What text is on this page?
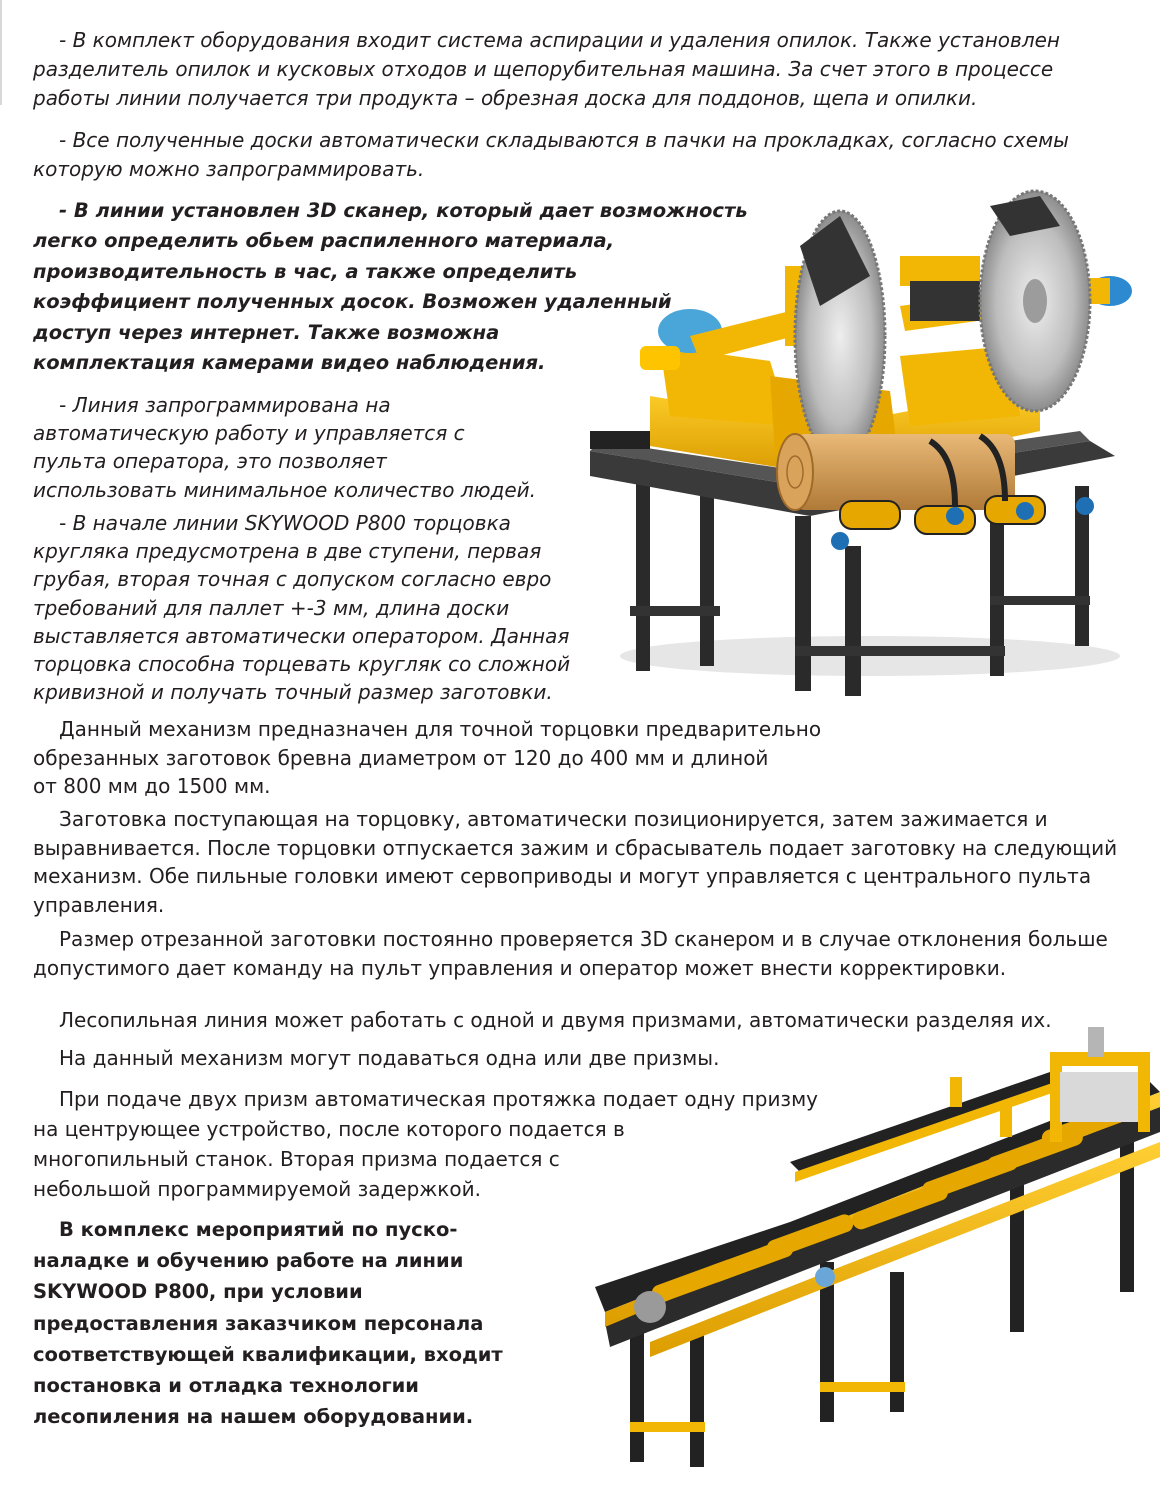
- В комплект оборудования входит система аспирации и удаления опилок. Также установлен
разделитель опилок и кусковых отходов и щепорубительная машина. За счет этого в процессе
работы линии получается три продукта – обрезная доска для поддонов, щепа и опилки.

- Все полученные доски автоматически складываются в пачки на прокладках, согласно схемы
которую можно запрограммировать.

- В линии установлен 3D сканер, который дает возможность
легко определить обьем распиленного материала,
производительность в час, а также определить
коэффициент полученных досок. Возможен удаленный
доступ через интернет. Также возможна
комплектация камерами видео наблюдения.

- Линия запрограммирована на
автоматическую работу и управляется с
пульта оператора, это позволяет
использовать минимальное количество людей.

- В начале линии SKYWOOD P800 торцовка
кругляка предусмотрена в две ступени, первая
грубая, вторая точная с допуском согласно евро
требований для паллет +-3 мм, длина доски
выставляется автоматически оператором. Данная
торцовка способна торцевать кругляк со сложной
кривизной и получать точный размер заготовки.

Данный механизм предназначен для точной торцовки предварительно
обрезанных заготовок бревна диаметром от 120 до 400 мм и длиной
от 800 мм до 1500 мм.

Заготовка поступающая на торцовку, автоматически позиционируется, затем зажимается и
выравнивается. После торцовки отпускается зажим и сбрасыватель подает заготовку на следующий
механизм. Обе пильные головки имеют сервоприводы и могут управляется с центрального пульта
управления.

Размер отрезанной заготовки постоянно проверяется 3D сканером и в случае отклонения больше
допустимого дает команду на пульт управления и оператор может внести корректировки.

Лесопильная линия может работать с одной и двумя призмами, автоматически разделяя их.

На данный механизм могут подаваться одна или две призмы.

При подаче двух призм автоматическая протяжка подает одну призму
на центрующее устройство, после которого подается в
многопильный станок. Вторая призма подается с
небольшой программируемой задержкой.

В комплекс мероприятий по пуско-
наладке и обучению работе на линии
SKYWOOD P800, при условии
предоставления заказчиком персонала
соответствующей квалификации, входит
постановка и отладка технологии
лесопиления на нашем оборудовании.
